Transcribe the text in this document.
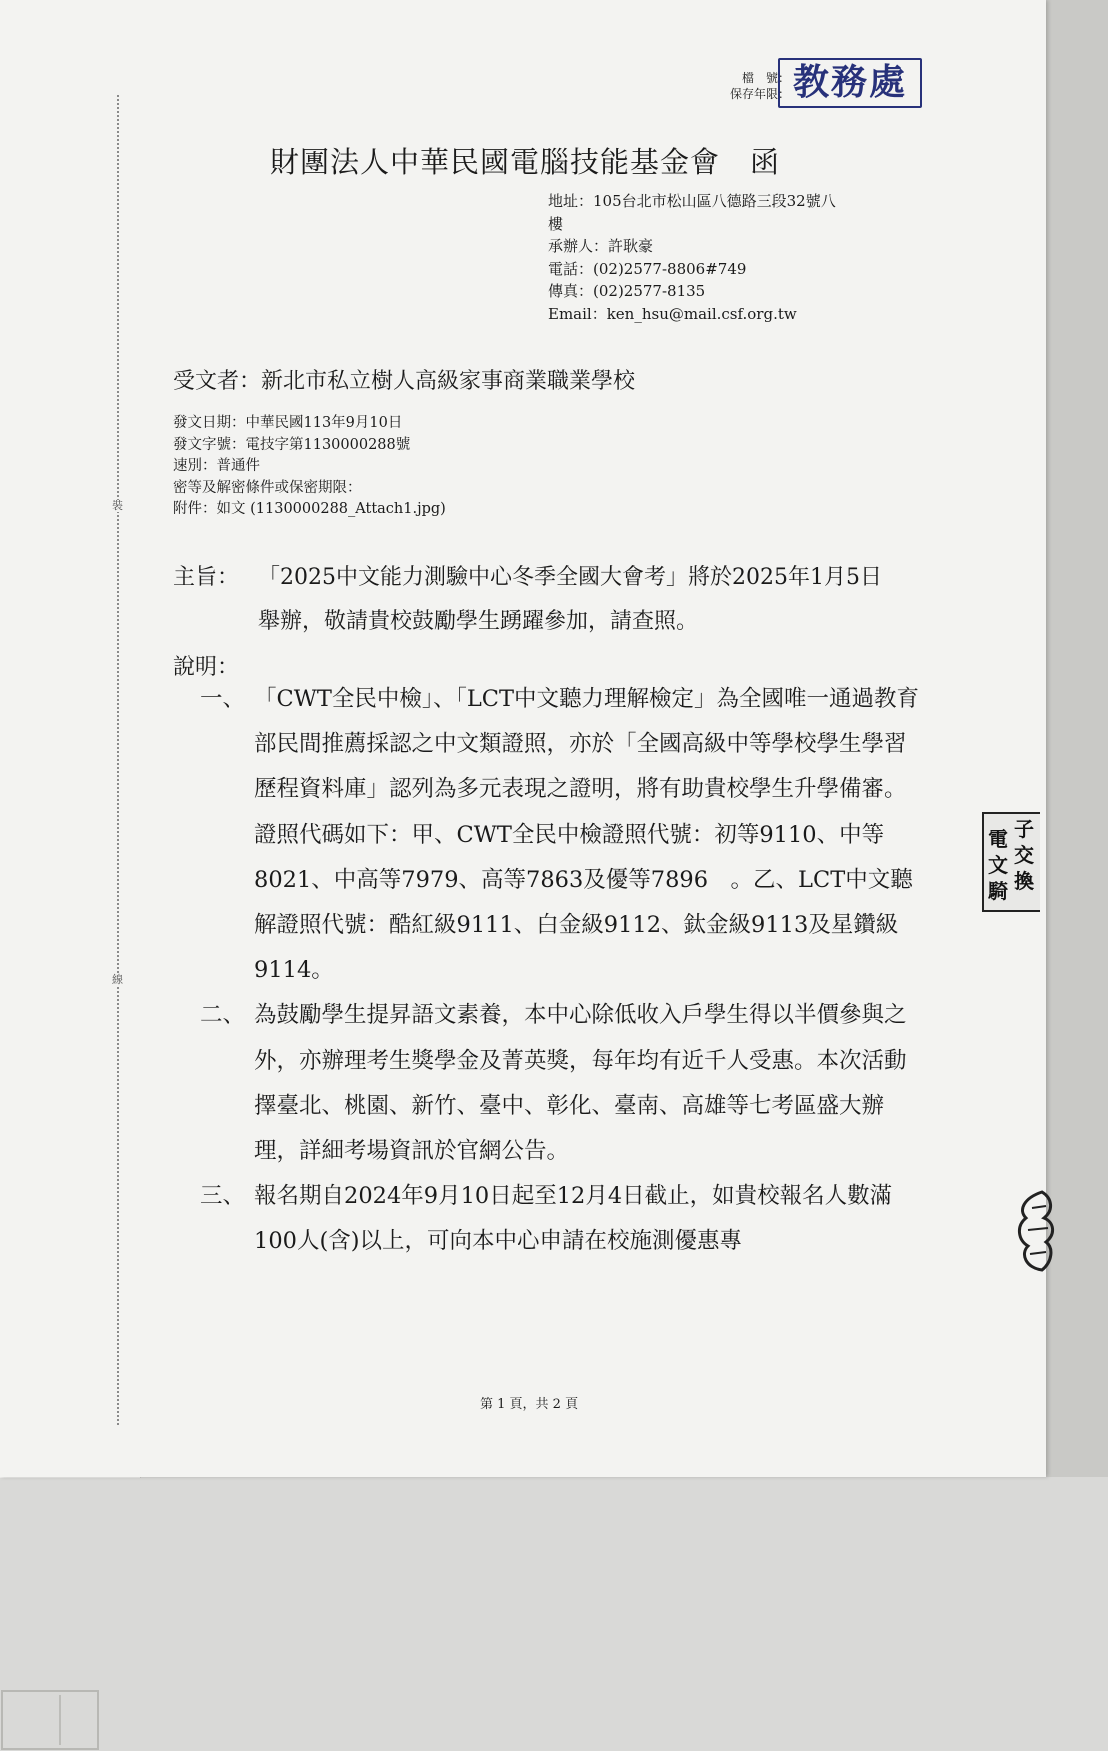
裝
線
檔　號：
保存年限： 教務處
財團法人中華民國電腦技能基金會　函
地址：105台北市松山區八德路三段32號八
樓
承辦人：許耿豪
電話：(02)2577-8806#749
傳真：(02)2577-8135
Email：ken_hsu@mail.csf.org.tw
受文者：新北市私立樹人高級家事商業職業學校
發文日期：中華民國113年9月10日
發文字號：電技字第1130000288號
速別：普通件
密等及解密條件或保密期限：
附件：如文 (1130000288_Attach1.jpg)
主旨： 「2025中文能力測驗中心冬季全國大會考」將於2025年1月5日舉辦，敬請貴校鼓勵學生踴躍參加，請查照。
說明：
一、 「CWT全民中檢」、「LCT中文聽力理解檢定」為全國唯一通過教育部民間推薦採認之中文類證照，亦於「全國高級中等學校學生學習歷程資料庫」認列為多元表現之證明，將有助貴校學生升學備審。證照代碼如下：甲、CWT全民中檢證照代號：初等9110、中等8021、中高等7979、高等7863及優等7896　。乙、LCT中文聽解證照代號：酷紅級9111、白金級9112、鈦金級9113及星鑽級9114。
二、 為鼓勵學生提昇語文素養，本中心除低收入戶學生得以半價參與之外，亦辦理考生獎學金及菁英獎，每年均有近千人受惠。本次活動擇臺北、桃園、新竹、臺中、彰化、臺南、高雄等七考區盛大辦理，詳細考場資訊於官網公告。
三、 報名期自2024年9月10日起至12月4日截止，如貴校報名人數滿100人(含)以上，可向本中心申請在校施測優惠專
第 1 頁，共 2 頁
電
文
子
交
換
騎
